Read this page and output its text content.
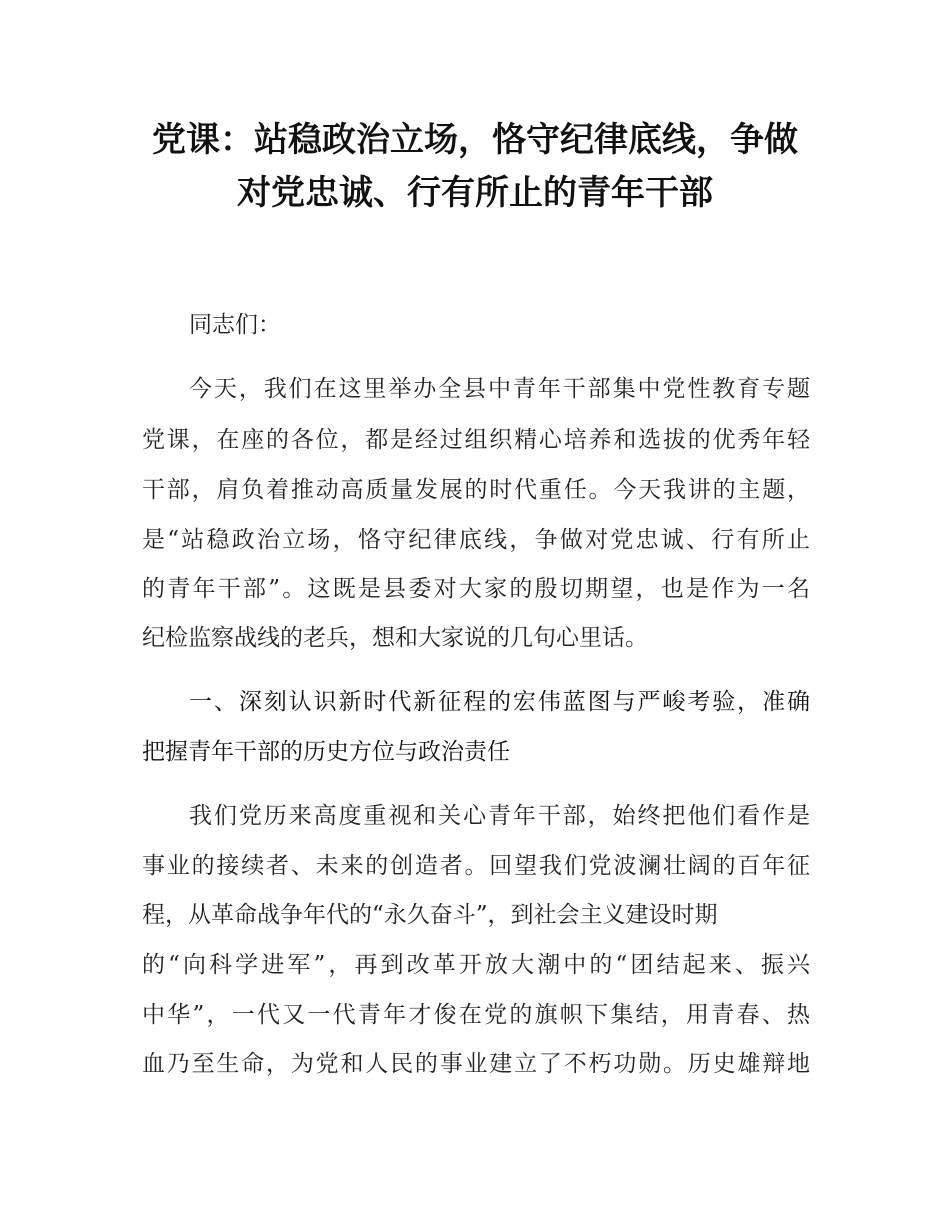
党课：站稳政治立场，恪守纪律底线，争做
对党忠诚、行有所止的青年干部
同志们：
今天，我们在这里举办全县中青年干部集中党性教育专题
党课，在座的各位，都是经过组织精心培养和选拔的优秀年轻
干部，肩负着推动高质量发展的时代重任。今天我讲的主题，
是“站稳政治立场，恪守纪律底线，争做对党忠诚、行有所止
的青年干部”。这既是县委对大家的殷切期望，也是作为一名
纪检监察战线的老兵，想和大家说的几句心里话。
一、深刻认识新时代新征程的宏伟蓝图与严峻考验，准确
把握青年干部的历史方位与政治责任
我们党历来高度重视和关心青年干部，始终把他们看作是
事业的接续者、未来的创造者。回望我们党波澜壮阔的百年征
程，从革命战争年代的“永久奋斗”，到社会主义建设时期
的“向科学进军”，再到改革开放大潮中的“团结起来、振兴
中华”，一代又一代青年才俊在党的旗帜下集结，用青春、热
血乃至生命，为党和人民的事业建立了不朽功勋。历史雄辩地
